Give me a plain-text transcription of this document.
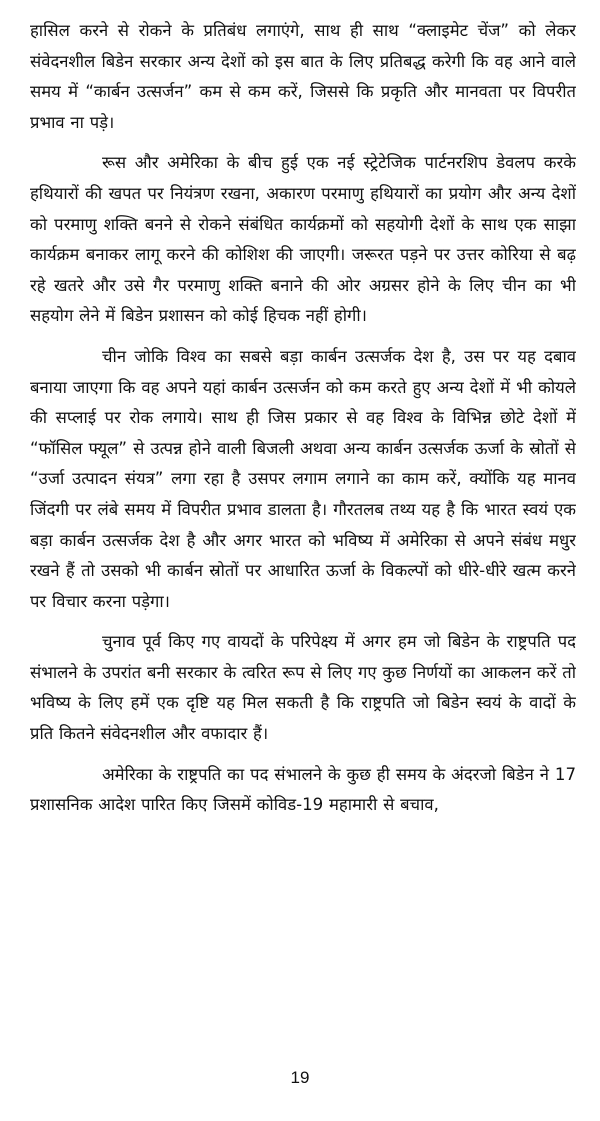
हासिल करने से रोकने के प्रतिबंध लगाएंगे, साथ ही साथ “क्लाइमेट चेंज” को लेकर संवेदनशील बिडेन सरकार अन्य देशों को इस बात के लिए प्रतिबद्ध करेगी कि वह आने वाले समय में “कार्बन उत्सर्जन” कम से कम करें, जिससे कि प्रकृति और मानवता पर विपरीत प्रभाव ना पड़े।

रूस और अमेरिका के बीच हुई एक नई स्ट्रेटेजिक पार्टनरशिप डेवलप करके हथियारों की खपत पर नियंत्रण रखना, अकारण परमाणु हथियारों का प्रयोग और अन्य देशों को परमाणु शक्ति बनने से रोकने संबंधित कार्यक्रमों को सहयोगी देशों के साथ एक साझा कार्यक्रम बनाकर लागू करने की कोशिश की जाएगी। जरूरत पड़ने पर उत्तर कोरिया से बढ़ रहे खतरे और उसे गैर परमाणु शक्ति बनाने की ओर अग्रसर होने के लिए चीन का भी सहयोग लेने में बिडेन प्रशासन को कोई हिचक नहीं होगी।

चीन जोकि विश्व का सबसे बड़ा कार्बन उत्सर्जक देश है, उस पर यह दबाव बनाया जाएगा कि वह अपने यहां कार्बन उत्सर्जन को कम करते हुए अन्य देशों में भी कोयले की सप्लाई पर रोक लगाये। साथ ही जिस प्रकार से वह विश्व के विभिन्न छोटे देशों में “फॉसिल फ्यूल” से उत्पन्न होने वाली बिजली अथवा अन्य कार्बन उत्सर्जक ऊर्जा के स्रोतों से “उर्जा उत्पादन संयत्र” लगा रहा है उसपर लगाम लगाने का काम करें, क्योंकि यह मानव जिंदगी पर लंबे समय में विपरीत प्रभाव डालता है। गौरतलब तथ्य यह है कि भारत स्वयं एक बड़ा कार्बन उत्सर्जक देश है और अगर भारत को भविष्य में अमेरिका से अपने संबंध मधुर रखने हैं तो उसको भी कार्बन स्रोतों पर आधारित ऊर्जा के विकल्पों को धीरे-धीरे खत्म करने पर विचार करना पड़ेगा।

चुनाव पूर्व किए गए वायदों के परिपेक्ष्य में अगर हम जो बिडेन के राष्ट्रपति पद संभालने के उपरांत बनी सरकार के त्वरित रूप से लिए गए कुछ निर्णयों का आकलन करें तो भविष्य के लिए हमें एक दृष्टि यह मिल सकती है कि राष्ट्रपति जो बिडेन स्वयं के वादों के प्रति कितने संवेदनशील और वफादार हैं।

अमेरिका के राष्ट्रपति का पद संभालने के कुछ ही समय के अंदरजो बिडेन ने 17 प्रशासनिक आदेश पारित किए जिसमें कोविड-19 महामारी से बचाव,

19
